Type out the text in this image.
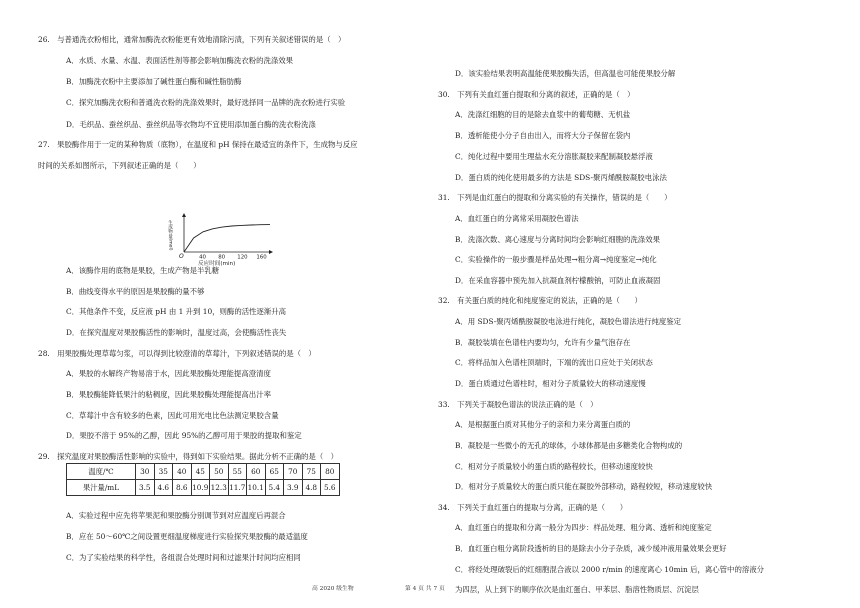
26.　与普通洗衣粉相比，通常加酶洗衣粉能更有效地清除污渍，下列有关叙述错误的是（　）
A．水质、水量、水温、表面活性剂等都会影响加酶洗衣粉的洗涤效果
B．加酶洗衣粉中主要添加了碱性蛋白酶和碱性脂肪酶
C．探究加酶洗衣粉和普通洗衣粉的洗涤效果时，最好选择同一品牌的洗衣粉进行实验
D．毛织品、蚕丝织品、蚕丝织品等衣物均不宜使用添加蛋白酶的洗衣粉洗涤
27.　果胶酶作用于一定的某种物质（底物），在温度和 pH 保持在最适宜的条件下，生成物与反应
时间的关系如图所示，下列叙述正确的是（　　）
O
生成物量(mol)
40 80 120 160
反应时间(min)
A．该酶作用的底物是果胶，生成产物是半乳糖
B．曲线变得水平的原因是果胶酶的量不够
C．其他条件不变，反应液 pH 由 1 升到 10，则酶的活性逐渐升高
D．在探究温度对果胶酶活性的影响时，温度过高，会使酶活性丧失
28.　用果胶酶处理草莓匀浆，可以得到比较澄清的草莓汁，下列叙述错误的是（　）
A．果胶的水解终产物易溶于水，因此果胶酶处理能提高澄清度
B．果胶酶能降低果汁的粘稠度，因此果胶酶处理能提高出汁率
C．草莓汁中含有较多的色素，因此可用光电比色法测定果胶含量
D．果胶不溶于 95%的乙醇，因此 95%的乙醇可用于果胶的提取和鉴定
29.　探究温度对果胶酶活性影响的实验中，得到如下实验结果。据此分析不正确的是（　）
温度/℃	30	35	40	45	50	55	60	65	70	75	80
果汁量/mL	3.5	4.6	8.6	10.9	12.3	11.7	10.1	5.4	3.9	4.8	5.6
A．实验过程中应先将苹果泥和果胶酶分别调节到对应温度后再混合
B．应在 50～60℃之间设置更细温度梯度进行实验探究果胶酶的最适温度
C．为了实验结果的科学性，各组混合处理时间和过滤果汁时间均应相同
D．该实验结果表明高温能使果胶酶失活，但高温也可能使果胶分解
30.　下列有关血红蛋白提取和分离的叙述，正确的是（　）
A．洗涤红细胞的目的是除去血浆中的葡萄糖、无机盐
B．透析能使小分子自由出入，而将大分子保留在袋内
C．纯化过程中要用生理盐水充分溶胀凝胶来配制凝胶悬浮液
D．蛋白质的纯化使用最多的方法是 SDS-聚丙烯酰胺凝胶电泳法
31.　下列是血红蛋白的提取和分离实验的有关操作，错误的是（　　）
A．血红蛋白的分离常采用凝胶色谱法
B．洗涤次数、离心速度与分离时间均会影响红细胞的洗涤效果
C．实验操作的一般步骤是样品处理→粗分离→纯度鉴定→纯化
D．在采血容器中预先加入抗凝血剂柠檬酸钠，可防止血液凝固
32.　有关蛋白质的纯化和纯度鉴定的说法，正确的是（　　）
A．用 SDS-聚丙烯酰胺凝胶电泳进行纯化，凝胶色谱法进行纯度鉴定
B．凝胶装填在色谱柱内要均匀，允许有少量气泡存在
C．将样品加入色谱柱顶端时，下端的流出口应处于关闭状态
D．蛋白质通过色谱柱时，相对分子质量较大的移动速度慢
33.　下列关于凝胶色谱法的说法正确的是（　）
A．是根据蛋白质对其他分子的亲和力来分离蛋白质的
B．凝胶是一些微小的无孔的球体，小球体都是由多糖类化合物构成的
C．相对分子质量较小的蛋白质的路程较长，但移动速度较快
D．相对分子质量较大的蛋白质只能在凝胶外部移动，路程较短，移动速度较快
34.　下列关于血红蛋白的提取与分离，正确的是（　　）
A．血红蛋白的提取和分离一般分为四步：样品处理、粗分离、透析和纯度鉴定
B．血红蛋白粗分离阶段透析的目的是除去小分子杂质，减少缓冲液用量效果会更好
C．将经处理破裂后的红细胞混合液以 2000 r/min 的速度离心 10min 后，离心管中的溶液分
为四层，从上到下的顺序依次是血红蛋白、甲苯层、脂溶性物质层、沉淀层
高 2020 级生物	第 4 页 共 7 页
